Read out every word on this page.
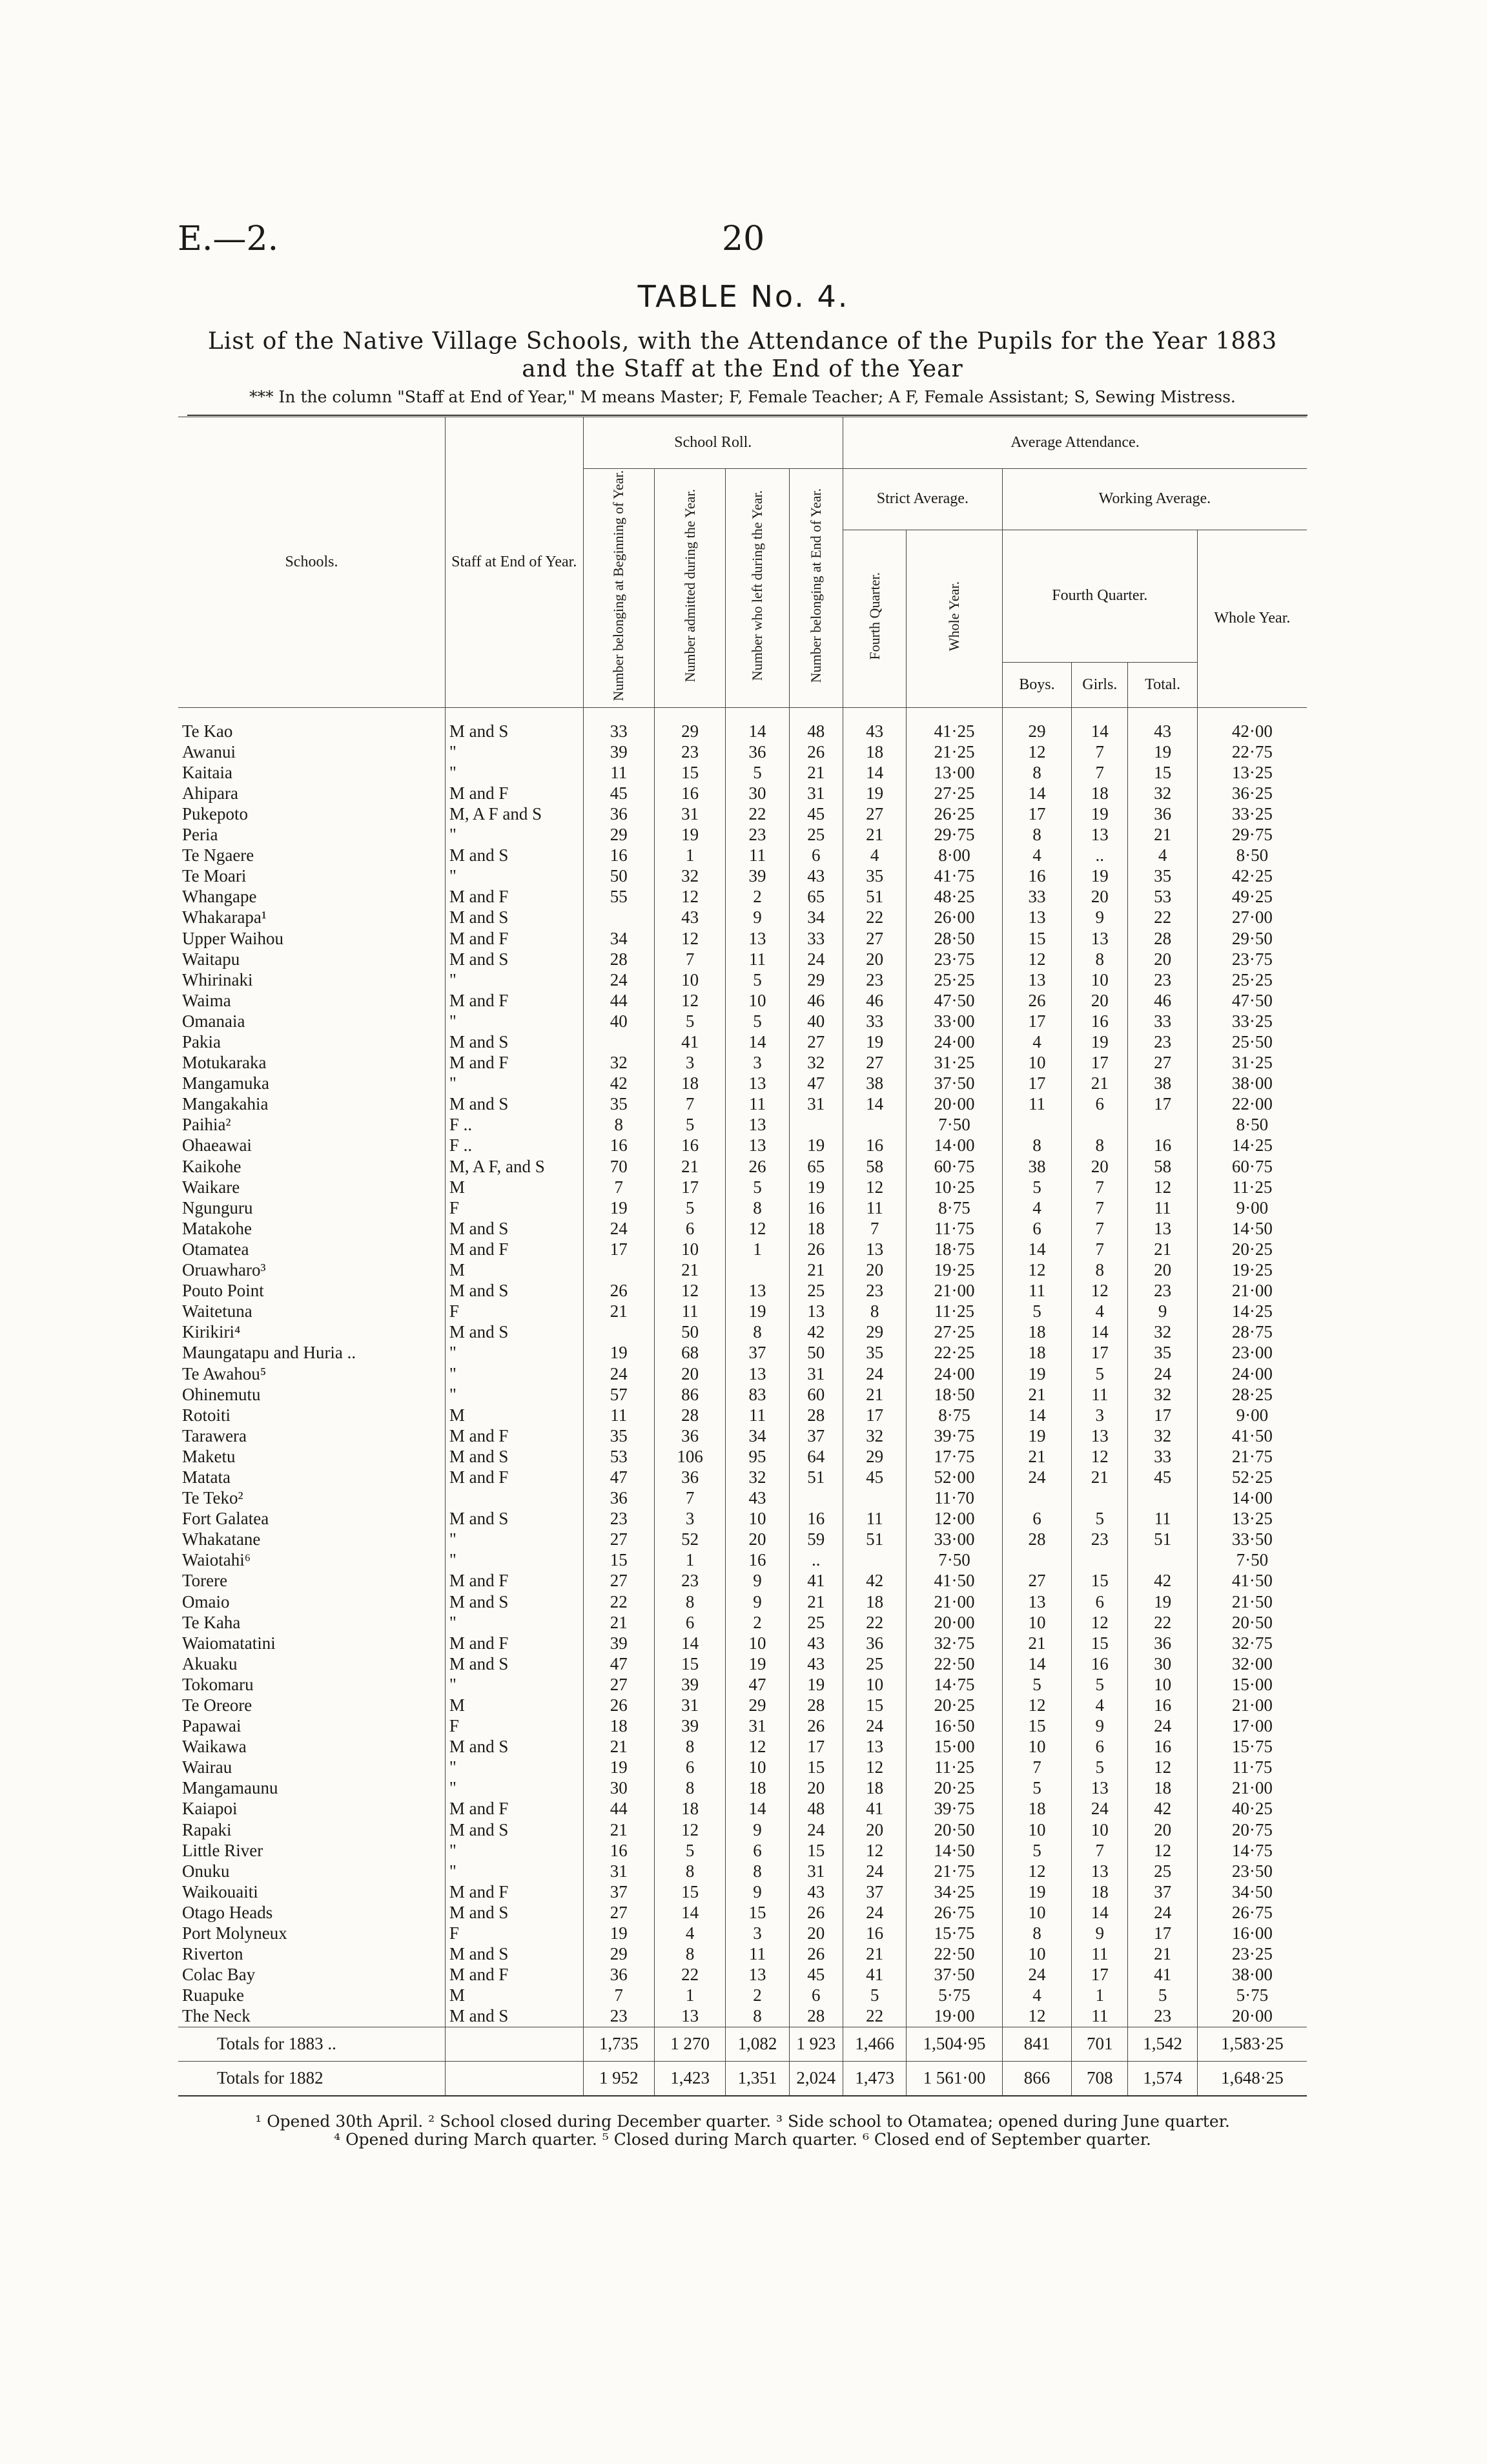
E.—2.	20
TABLE No. 4.
List of the Native Village Schools, with the Attendance of the Pupils for the Year 1883
and the Staff at the End of the Year
*** In the column "Staff at End of Year," M means Master; F, Female Teacher; A F, Female Assistant; S, Sewing Mistress.
Schools.	Staff at End of Year.	School Roll.				Average Attendance.					
		Number belonging at Beginning of Year.	Number admitted during the Year.	Number who left during the Year.	Number belonging at End of Year.	Strict Average.		Working Average.			
						Fourth Quarter.	Whole Year.	Fourth Quarter.			Whole Year.
								Boys.	Girls.	Total.	
Te Kao	M and S	33	29	14	48	43	41·25	29	14	43	42·00
Awanui	"	39	23	36	26	18	21·25	12	7	19	22·75
Kaitaia	"	11	15	5	21	14	13·00	8	7	15	13·25
Ahipara	M and F	45	16	30	31	19	27·25	14	18	32	36·25
Pukepoto	M, A F and S	36	31	22	45	27	26·25	17	19	36	33·25
Peria	"	29	19	23	25	21	29·75	8	13	21	29·75
Te Ngaere	M and S	16	1	11	6	4	8·00	4	..	4	8·50
Te Moari	"	50	32	39	43	35	41·75	16	19	35	42·25
Whangape	M and F	55	12	2	65	51	48·25	33	20	53	49·25
Whakarapa¹	M and S		43	9	34	22	26·00	13	9	22	27·00
Upper Waihou	M and F	34	12	13	33	27	28·50	15	13	28	29·50
Waitapu	M and S	28	7	11	24	20	23·75	12	8	20	23·75
Whirinaki	"	24	10	5	29	23	25·25	13	10	23	25·25
Waima	M and F	44	12	10	46	46	47·50	26	20	46	47·50
Omanaia	"	40	5	5	40	33	33·00	17	16	33	33·25
Pakia	M and S		41	14	27	19	24·00	4	19	23	25·50
Motukaraka	M and F	32	3	3	32	27	31·25	10	17	27	31·25
Mangamuka	"	42	18	13	47	38	37·50	17	21	38	38·00
Mangakahia	M and S	35	7	11	31	14	20·00	11	6	17	22·00
Paihia²	F ..	8	5	13			7·50				8·50
Ohaeawai	F ..	16	16	13	19	16	14·00	8	8	16	14·25
Kaikohe	M, A F, and S	70	21	26	65	58	60·75	38	20	58	60·75
Waikare	M	7	17	5	19	12	10·25	5	7	12	11·25
Ngunguru	F	19	5	8	16	11	8·75	4	7	11	9·00
Matakohe	M and S	24	6	12	18	7	11·75	6	7	13	14·50
Otamatea	M and F	17	10	1	26	13	18·75	14	7	21	20·25
Oruawharo³	M		21		21	20	19·25	12	8	20	19·25
Pouto Point	M and S	26	12	13	25	23	21·00	11	12	23	21·00
Waitetuna	F	21	11	19	13	8	11·25	5	4	9	14·25
Kirikiri⁴	M and S		50	8	42	29	27·25	18	14	32	28·75
Maungatapu and Huria ..	"	19	68	37	50	35	22·25	18	17	35	23·00
Te Awahou⁵	"	24	20	13	31	24	24·00	19	5	24	24·00
Ohinemutu	"	57	86	83	60	21	18·50	21	11	32	28·25
Rotoiti	M	11	28	11	28	17	8·75	14	3	17	9·00
Tarawera	M and F	35	36	34	37	32	39·75	19	13	32	41·50
Maketu	M and S	53	106	95	64	29	17·75	21	12	33	21·75
Matata	M and F	47	36	32	51	45	52·00	24	21	45	52·25
Te Teko²		36	7	43			11·70				14·00
Fort Galatea	M and S	23	3	10	16	11	12·00	6	5	11	13·25
Whakatane	"	27	52	20	59	51	33·00	28	23	51	33·50
Waiotahi⁶	"	15	1	16	..		7·50				7·50
Torere	M and F	27	23	9	41	42	41·50	27	15	42	41·50
Omaio	M and S	22	8	9	21	18	21·00	13	6	19	21·50
Te Kaha	"	21	6	2	25	22	20·00	10	12	22	20·50
Waiomatatini	M and F	39	14	10	43	36	32·75	21	15	36	32·75
Akuaku	M and S	47	15	19	43	25	22·50	14	16	30	32·00
Tokomaru	"	27	39	47	19	10	14·75	5	5	10	15·00
Te Oreore	M	26	31	29	28	15	20·25	12	4	16	21·00
Papawai	F	18	39	31	26	24	16·50	15	9	24	17·00
Waikawa	M and S	21	8	12	17	13	15·00	10	6	16	15·75
Wairau	"	19	6	10	15	12	11·25	7	5	12	11·75
Mangamaunu	"	30	8	18	20	18	20·25	5	13	18	21·00
Kaiapoi	M and F	44	18	14	48	41	39·75	18	24	42	40·25
Rapaki	M and S	21	12	9	24	20	20·50	10	10	20	20·75
Little River	"	16	5	6	15	12	14·50	5	7	12	14·75
Onuku	"	31	8	8	31	24	21·75	12	13	25	23·50
Waikouaiti	M and F	37	15	9	43	37	34·25	19	18	37	34·50
Otago Heads	M and S	27	14	15	26	24	26·75	10	14	24	26·75
Port Molyneux	F	19	4	3	20	16	15·75	8	9	17	16·00
Riverton	M and S	29	8	11	26	21	22·50	10	11	21	23·25
Colac Bay	M and F	36	22	13	45	41	37·50	24	17	41	38·00
Ruapuke	M	7	1	2	6	5	5·75	4	1	5	5·75
The Neck	M and S	23	13	8	28	22	19·00	12	11	23	20·00
Totals for 1883 ..		1,735	1 270	1,082	1 923	1,466	1,504·95	841	701	1,542	1,583·25
Totals for 1882		1 952	1,423	1,351	2,024	1,473	1 561·00	866	708	1,574	1,648·25
¹ Opened 30th April. ² School closed during December quarter. ³ Side school to Otamatea; opened during June quarter.
⁴ Opened during March quarter. ⁵ Closed during March quarter. ⁶ Closed end of September quarter.
